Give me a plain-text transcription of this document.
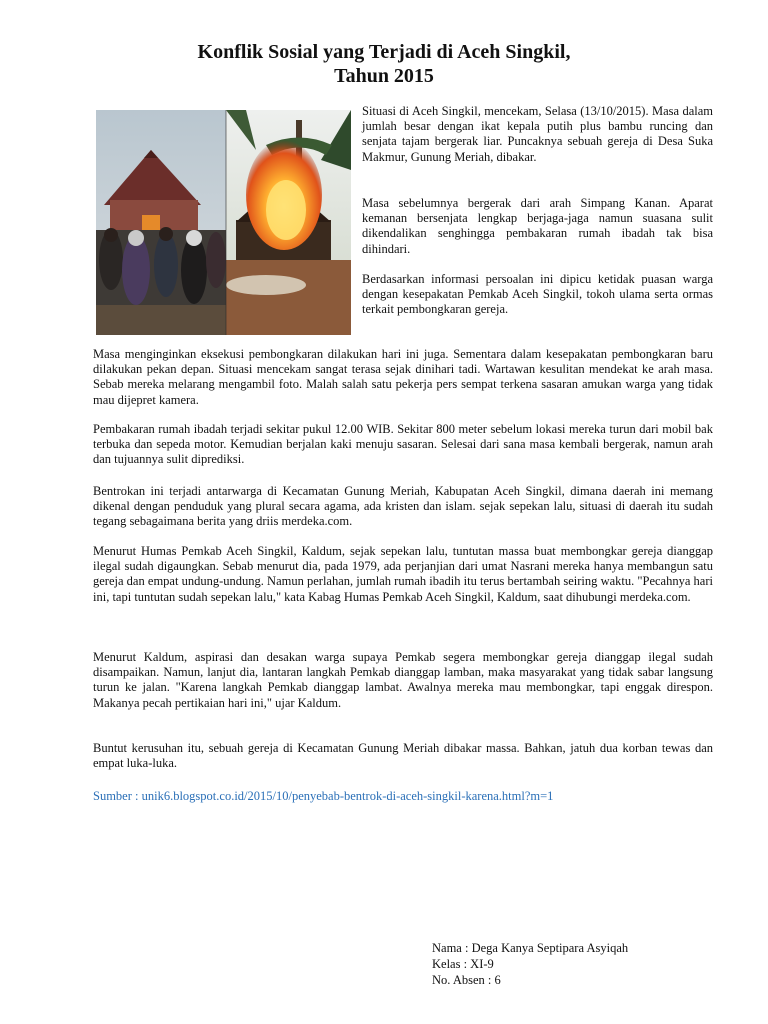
Konflik Sosial yang Terjadi di Aceh Singkil,
Tahun 2015

Situasi di Aceh Singkil, mencekam, Selasa (13/10/2015). Masa dalam jumlah besar dengan ikat kepala putih plus bambu runcing dan senjata tajam bergerak liar. Puncaknya sebuah gereja di Desa Suka Makmur, Gunung Meriah, dibakar.

Masa sebelumnya bergerak dari arah Simpang Kanan. Aparat kemanan bersenjata lengkap berjaga-jaga namun suasana sulit dikendalikan senghingga pembakaran rumah ibadah tak bisa dihindari.

Berdasarkan informasi persoalan ini dipicu ketidak puasan warga dengan kesepakatan Pemkab Aceh Singkil, tokoh ulama serta ormas terkait pembongkaran gereja.

Masa menginginkan eksekusi pembongkaran dilakukan hari ini juga. Sementara dalam kesepakatan pembongkaran baru dilakukan pekan depan. Situasi mencekam sangat terasa sejak dinihari tadi. Wartawan kesulitan mendekat ke arah masa. Sebab mereka melarang mengambil foto. Malah salah satu pekerja pers sempat terkena sasaran amukan warga yang tidak mau dijepret kamera.

Pembakaran rumah ibadah terjadi sekitar pukul 12.00 WIB. Sekitar 800 meter sebelum lokasi mereka turun dari mobil bak terbuka dan sepeda motor. Kemudian berjalan kaki menuju sasaran. Selesai dari sana masa kembali bergerak, namun arah dan tujuannya sulit diprediksi.

Bentrokan ini terjadi antarwarga di Kecamatan Gunung Meriah, Kabupatan Aceh Singkil, dimana daerah ini memang dikenal dengan penduduk yang plural secara agama, ada kristen dan islam. sejak sepekan lalu, situasi di daerah itu sudah tegang sebagaimana berita yang driis merdeka.com.

Menurut Humas Pemkab Aceh Singkil, Kaldum, sejak sepekan lalu, tuntutan massa buat membongkar gereja dianggap ilegal sudah digaungkan. Sebab menurut dia, pada 1979, ada perjanjian dari umat Nasrani mereka hanya membangun satu gereja dan empat undung-undung. Namun perlahan, jumlah rumah ibadih itu terus bertambah seiring waktu. "Pecahnya hari ini, tapi tuntutan sudah sepekan lalu," kata Kabag Humas Pemkab Aceh Singkil, Kaldum, saat dihubungi merdeka.com.

Menurut Kaldum, aspirasi dan desakan warga supaya Pemkab segera membongkar gereja dianggap ilegal sudah disampaikan. Namun, lanjut dia, lantaran langkah Pemkab dianggap lamban, maka masyarakat yang tidak sabar langsung turun ke jalan. "Karena langkah Pemkab dianggap lambat. Awalnya mereka mau membongkar, tapi enggak direspon. Makanya pecah pertikaian hari ini," ujar Kaldum.

Buntut kerusuhan itu, sebuah gereja di Kecamatan Gunung Meriah dibakar massa. Bahkan, jatuh dua korban tewas dan empat luka-luka.

Sumber : unik6.blogspot.co.id/2015/10/penyebab-bentrok-di-aceh-singkil-karena.html?m=1
Nama : Dega Kanya Septipara Asyiqah
Kelas : XI-9
No. Absen : 6
